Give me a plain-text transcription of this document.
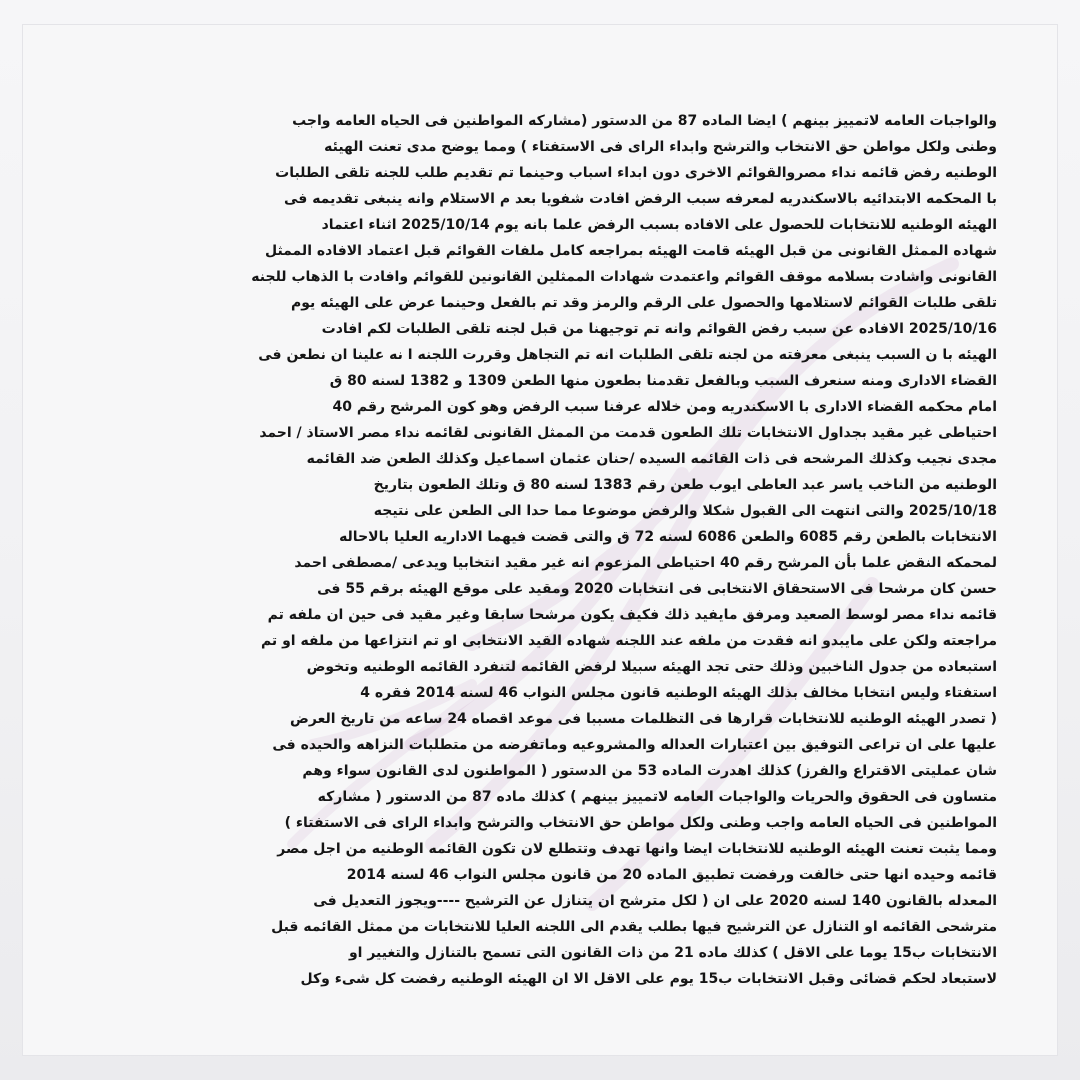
والواجبات العامه لاتمييز بينهم ) ايضا الماده 87 من الدستور (مشاركه المواطنين فى الحياه العامه واجب
وطنى ولكل مواطن حق الانتخاب والترشح وابداء الراى فى الاستفتاء ) ومما يوضح مدى تعنت الهيئه
الوطنيه رفض قائمه نداء مصروالقوائم الاخرى دون ابداء اسباب وحينما تم تقديم طلب للجنه تلقى الطلبات
با المحكمه الابتدائيه بالاسكندريه لمعرفه سبب الرفض افادت شفويا بعد م الاستلام وانه ينبغى تقديمه فى
الهيئه الوطنيه للانتخابات للحصول على الافاده بسبب الرفض علما بانه يوم 2025/10/14 اثناء اعتماد
شهاده الممثل القانونى من قبل الهيئه قامت الهيئه بمراجعه كامل ملفات القوائم قبل اعتماد الافاده الممثل
القانونى واشادت بسلامه موقف القوائم واعتمدت شهادات الممثلين القانونين للقوائم وافادت با الذهاب للجنه
تلقى طلبات القوائم لاستلامها والحصول على الرقم والرمز وقد تم بالفعل وحينما عرض على الهيئه يوم
2025/10/16 الافاده عن سبب رفض القوائم وانه تم توجيهنا من قبل لجنه تلقى الطلبات لكم افادت
الهيئه با ن السبب ينبغى معرفته من لجنه تلقى الطلبات انه تم التجاهل وقررت اللجنه ا نه علينا ان نطعن فى
القضاء الادارى ومنه سنعرف السبب وبالفعل تقدمنا بطعون منها الطعن 1309 و 1382 لسنه 80 ق
امام محكمه القضاء الادارى با الاسكندريه ومن خلاله عرفنا سبب الرفض وهو كون المرشح رقم 40
احتياطى غير مقيد بجداول الانتخابات تلك الطعون قدمت من الممثل القانونى لقائمه نداء مصر الاستاذ / احمد
مجدى نجيب وكذلك المرشحه فى ذات القائمه السيده /حنان عثمان اسماعيل وكذلك الطعن ضد القائمه
الوطنيه من الناخب ياسر عبد العاطى ايوب طعن رقم 1383 لسنه 80 ق وتلك الطعون بتاريخ
2025/10/18 والتى انتهت الى القبول شكلا والرفض موضوعا مما حدا الى الطعن على نتيجه
الانتخابات بالطعن رقم 6085 والطعن 6086 لسنه 72 ق والتى قضت فيهما الاداريه العليا بالاحاله
لمحمكه النقض علما بأن المرشح رقم 40 احتياطى المزعوم انه غير مقيد انتخابيا ويدعى /مصطفى احمد
حسن كان مرشحا فى الاستحقاق الانتخابى فى انتخابات 2020 ومقيد على موقع الهيئه برقم 55 فى
قائمه نداء مصر لوسط الصعيد ومرفق مايفيد ذلك فكيف يكون مرشحا سابقا وغير مقيد فى حين ان ملفه تم
مراجعته ولكن على مايبدو انه فقدت من ملفه عند اللجنه شهاده القيد الانتخابى او تم انتزاعها من ملفه او تم
استبعاده من جدول الناخبين وذلك حتى تجد الهيئه سبيلا لرفض القائمه لتنفرد القائمه الوطنيه وتخوض
استفتاء وليس انتخابا مخالف بذلك الهيئه الوطنيه قانون مجلس النواب 46 لسنه 2014 فقره 4
( تصدر الهيئه الوطنيه للانتخابات قرارها فى التظلمات مسببا فى موعد اقصاه 24 ساعه من تاريخ العرض
عليها على ان تراعى التوفيق بين اعتبارات العداله والمشروعيه وماتفرضه من متطلبات النزاهه والحيده فى
شان عمليتى الاقتراع والفرز) كذلك اهدرت الماده 53 من الدستور ( المواطنون لدى القانون سواء وهم
متساون فى الحقوق والحريات والواجبات العامه لاتمييز بينهم ) كذلك ماده 87 من الدستور ( مشاركه
المواطنين فى الحياه العامه واجب وطنى ولكل مواطن حق الانتخاب والترشح وابداء الراى فى الاستفتاء )
ومما يثبت تعنت الهيئه الوطنيه للانتخابات ايضا وانها تهدف وتتطلع لان تكون القائمه الوطنيه من اجل مصر
قائمه وحيده انها حتى خالفت ورفضت تطبيق الماده 20 من قانون مجلس النواب 46 لسنه 2014
المعدله بالقانون 140 لسنه 2020 على ان ( لكل مترشح ان يتنازل عن الترشيح ----ويجوز التعديل فى
مترشحى القائمه او التنازل عن الترشيح فيها بطلب يقدم الى اللجنه العليا للانتخابات من ممثل القائمه قبل
الانتخابات ب15 يوما على الاقل ) كذلك ماده 21 من ذات القانون التى تسمح بالتنازل والتغيير او
لاستبعاد لحكم قضائى وقبل الانتخابات ب15 يوم على الاقل الا ان الهيئه الوطنيه رفضت كل شىء وكل
